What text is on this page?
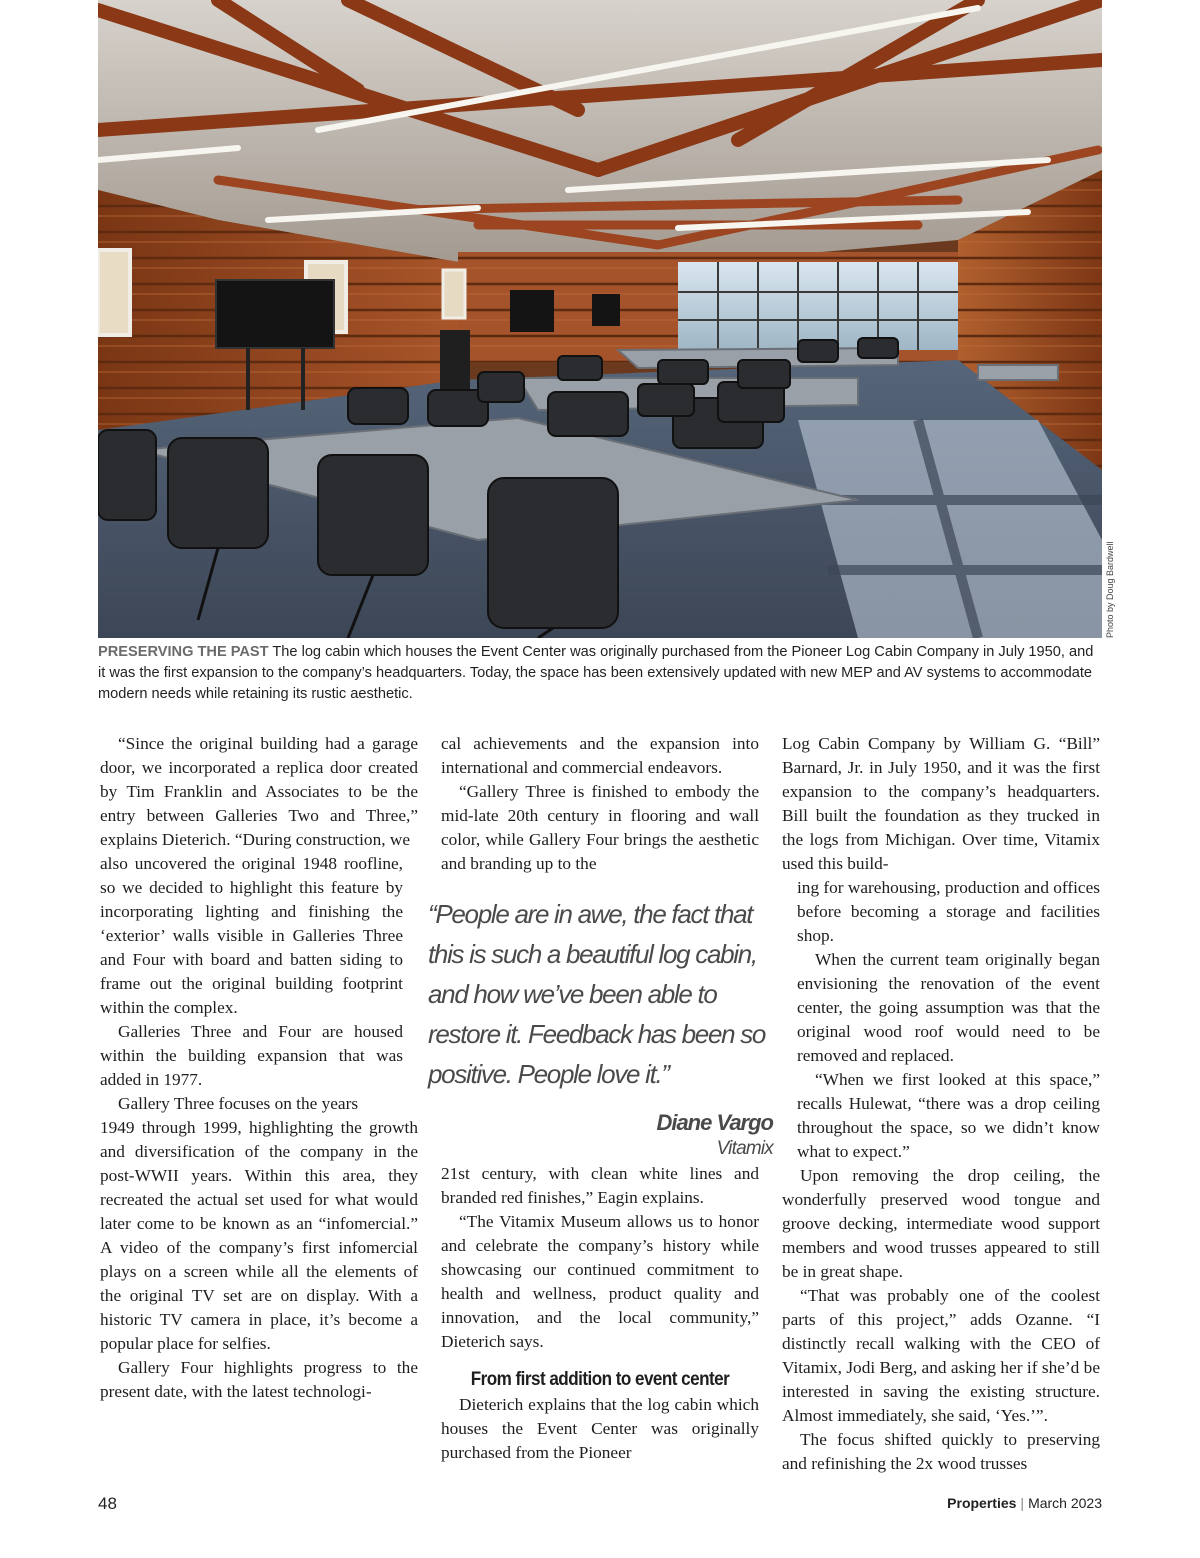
Photo by Doug Bardwell
PRESERVING THE PAST The log cabin which houses the Event Center was originally purchased from the Pioneer Log Cabin Company in July 1950, and it was the first expansion to the company’s headquarters. Today, the space has been extensively updated with new MEP and AV systems to accommodate modern needs while retaining its rustic aesthetic.

“Since the original building had a garage door, we incorporated a replica door created by Tim Franklin and Associates to be the entry between Galleries Two and Three,” explains Dieterich. “During construction, we

also uncovered the original 1948 roofline, so we decided to highlight this feature by incorporating lighting and finishing the ‘exterior’ walls visible in Galleries Three and Four with board and batten siding to frame out the original building footprint within the complex.

Galleries Three and Four are housed within the building expansion that was added in 1977.

Gallery Three focuses on the years

1949 through 1999, highlighting the growth and diversification of the company in the post-WWII years. Within this area, they recreated the actual set used for what would later come to be known as an “infomercial.” A video of the company’s first infomercial plays on a screen while all the elements of the original TV set are on display. With a historic TV camera in place, it’s become a popular place for selfies.

Gallery Four highlights progress to the present date, with the latest technologi-

cal achievements and the expansion into international and commercial endeavors.

“Gallery Three is finished to embody the mid-late 20th century in flooring and wall color, while Gallery Four brings the aesthetic and branding up to the

“People are in awe, the fact that this is such a beautiful log cabin, and how we’ve been able to restore it. Feedback has been so positive. People love it.”
Diane Vargo
Vitamix

21st century, with clean white lines and branded red finishes,” Eagin explains.

“The Vitamix Museum allows us to honor and celebrate the company’s history while showcasing our continued commitment to health and wellness, product quality and innovation, and the local community,” Dieterich says.

From first addition to event center

Dieterich explains that the log cabin which houses the Event Center was originally purchased from the Pioneer

Log Cabin Company by William G. “Bill” Barnard, Jr. in July 1950, and it was the first expansion to the company’s headquarters. Bill built the foundation as they trucked in the logs from Michigan. Over time, Vitamix used this build-

ing for warehousing, production and offices before becoming a storage and facilities shop.

When the current team originally began envisioning the renovation of the event center, the going assumption was that the original wood roof would need to be removed and replaced.

“When we first looked at this space,” recalls Hulewat, “there was a drop ceiling throughout the space, so we didn’t know what to expect.”

Upon removing the drop ceiling, the wonderfully preserved wood tongue and groove decking, intermediate wood support members and wood trusses appeared to still be in great shape.

“That was probably one of the coolest parts of this project,” adds Ozanne. “I distinctly recall walking with the CEO of Vitamix, Jodi Berg, and asking her if she’d be interested in saving the existing structure. Almost immediately, she said, ‘Yes.’”.

The focus shifted quickly to preserving and refinishing the 2x wood trusses

48	Properties | March 2023
